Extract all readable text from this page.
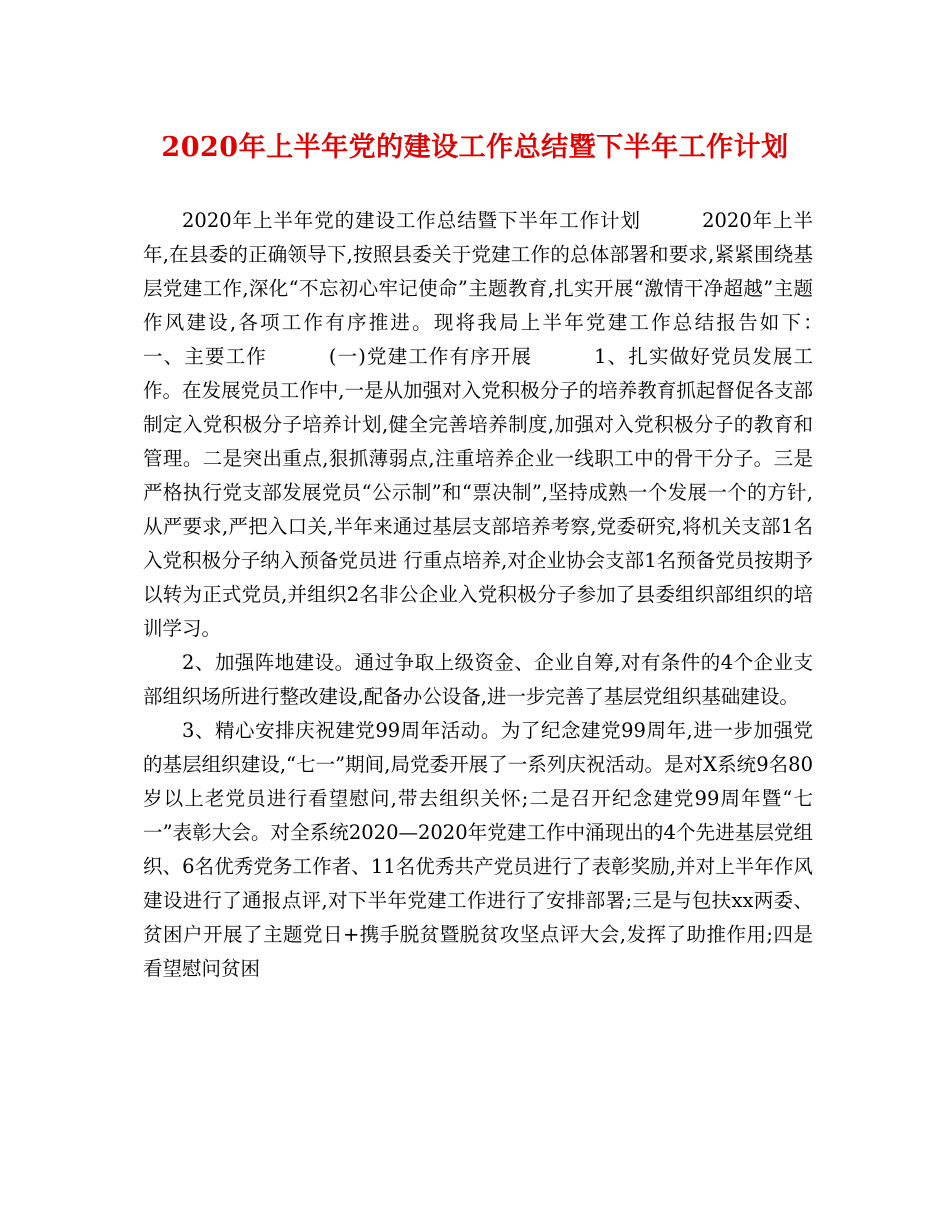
2020年上半年党的建设工作总结暨下半年工作计划

2020年上半年党的建设工作总结暨下半年工作计划　　　2020年上半年,在县委的正确领导下,按照县委关于党建工作的总体部署和要求,紧紧围绕基层党建工作,深化“不忘初心牢记使命”主题教育,扎实开展“激情干净超越”主题作风建设,各项工作有序推进。现将我局上半年党建工作总结报告如下：　　　一、主要工作　　　(一)党建工作有序开展　　　1、扎实做好党员发展工作。在发展党员工作中,一是从加强对入党积极分子的培养教育抓起督促各支部制定入党积极分子培养计划,健全完善培养制度,加强对入党积极分子的教育和管理。二是突出重点,狠抓薄弱点,注重培养企业一线职工中的骨干分子。三是严格执行党支部发展党员“公示制”和“票决制”,坚持成熟一个发展一个的方针,从严要求,严把入口关,半年来通过基层支部培养考察,党委研究,将机关支部1名入党积极分子纳入预备党员进 行重点培养,对企业协会支部1名预备党员按期予以转为正式党员,并组织2名非公企业入党积极分子参加了县委组织部组织的培训学习。

2、加强阵地建设。通过争取上级资金、企业自筹,对有条件的4个企业支部组织场所进行整改建设,配备办公设备,进一步完善了基层党组织基础建设。

3、精心安排庆祝建党99周年活动。为了纪念建党99周年,进一步加强党的基层组织建设,“七一”期间,局党委开展了一系列庆祝活动。是对X系统9名80岁以上老党员进行看望慰问,带去组织关怀;二是召开纪念建党99周年暨“七一”表彰大会。对全系统2020—2020年党建工作中涌现出的4个先进基层党组织、6名优秀党务工作者、11名优秀共产党员进行了表彰奖励,并对上半年作风建设进行了通报点评,对下半年党建工作进行了安排部署;三是与包扶xx两委、贫困户开展了主题党日+携手脱贫暨脱贫攻坚点评大会,发挥了助推作用;四是看望慰问贫困
